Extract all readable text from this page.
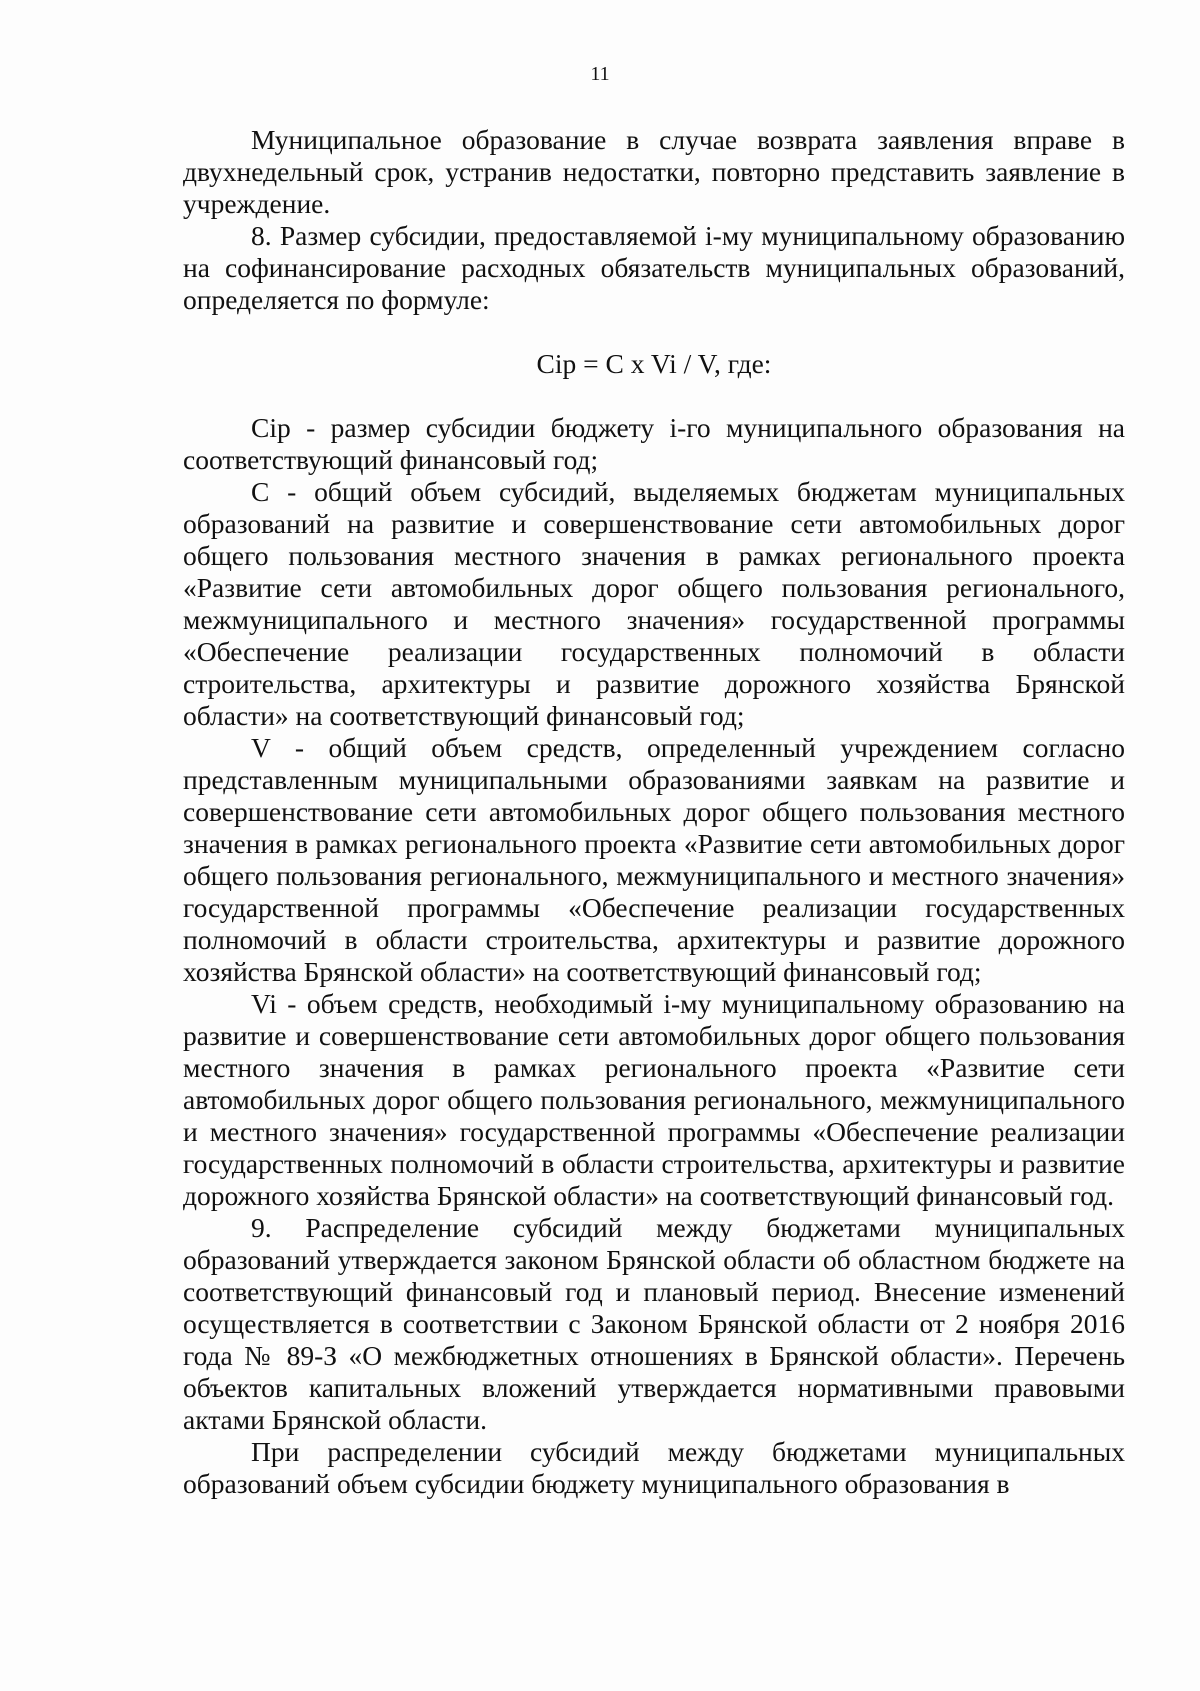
11

Муниципальное образование в случае возврата заявления вправе в двухнедельный срок, устранив недостатки, повторно представить заявление в учреждение.

8. Размер субсидии, предоставляемой i-му муниципальному образованию на софинансирование расходных обязательств муниципальных образований, определяется по формуле:

Cip = C x Vi / V, где:

Cip - размер субсидии бюджету i-го муниципального образования на соответствующий финансовый год;

C - общий объем субсидий, выделяемых бюджетам муниципальных образований на развитие и совершенствование сети автомобильных дорог общего пользования местного значения в рамках регионального проекта «Развитие сети автомобильных дорог общего пользования регионального, межмуниципального и местного значения» государственной программы «Обеспечение реализации государственных полномочий в области строительства, архитектуры и развитие дорожного хозяйства Брянской области» на соответствующий финансовый год;

V - общий объем средств, определенный учреждением согласно представленным муниципальными образованиями заявкам на развитие и совершенствование сети автомобильных дорог общего пользования местного значения в рамках регионального проекта «Развитие сети автомобильных дорог общего пользования регионального, межмуниципального и местного значения» государственной программы «Обеспечение реализации государственных полномочий в области строительства, архитектуры и развитие дорожного хозяйства Брянской области» на соответствующий финансовый год;

Vi - объем средств, необходимый i-му муниципальному образованию на развитие и совершенствование сети автомобильных дорог общего пользования местного значения в рамках регионального проекта «Развитие сети автомобильных дорог общего пользования регионального, межмуниципального и местного значения» государственной программы «Обеспечение реализации государственных полномочий в области строительства, архитектуры и развитие дорожного хозяйства Брянской области» на соответствующий финансовый год.

9. Распределение субсидий между бюджетами муниципальных образований утверждается законом Брянской области об областном бюджете на соответствующий финансовый год и плановый период. Внесение изменений осуществляется в соответствии с Законом Брянской области от 2 ноября 2016 года № 89-З «О межбюджетных отношениях в Брянской области». Перечень объектов капитальных вложений утверждается нормативными правовыми актами Брянской области.

При распределении субсидий между бюджетами муниципальных образований объем субсидии бюджету муниципального образования в
